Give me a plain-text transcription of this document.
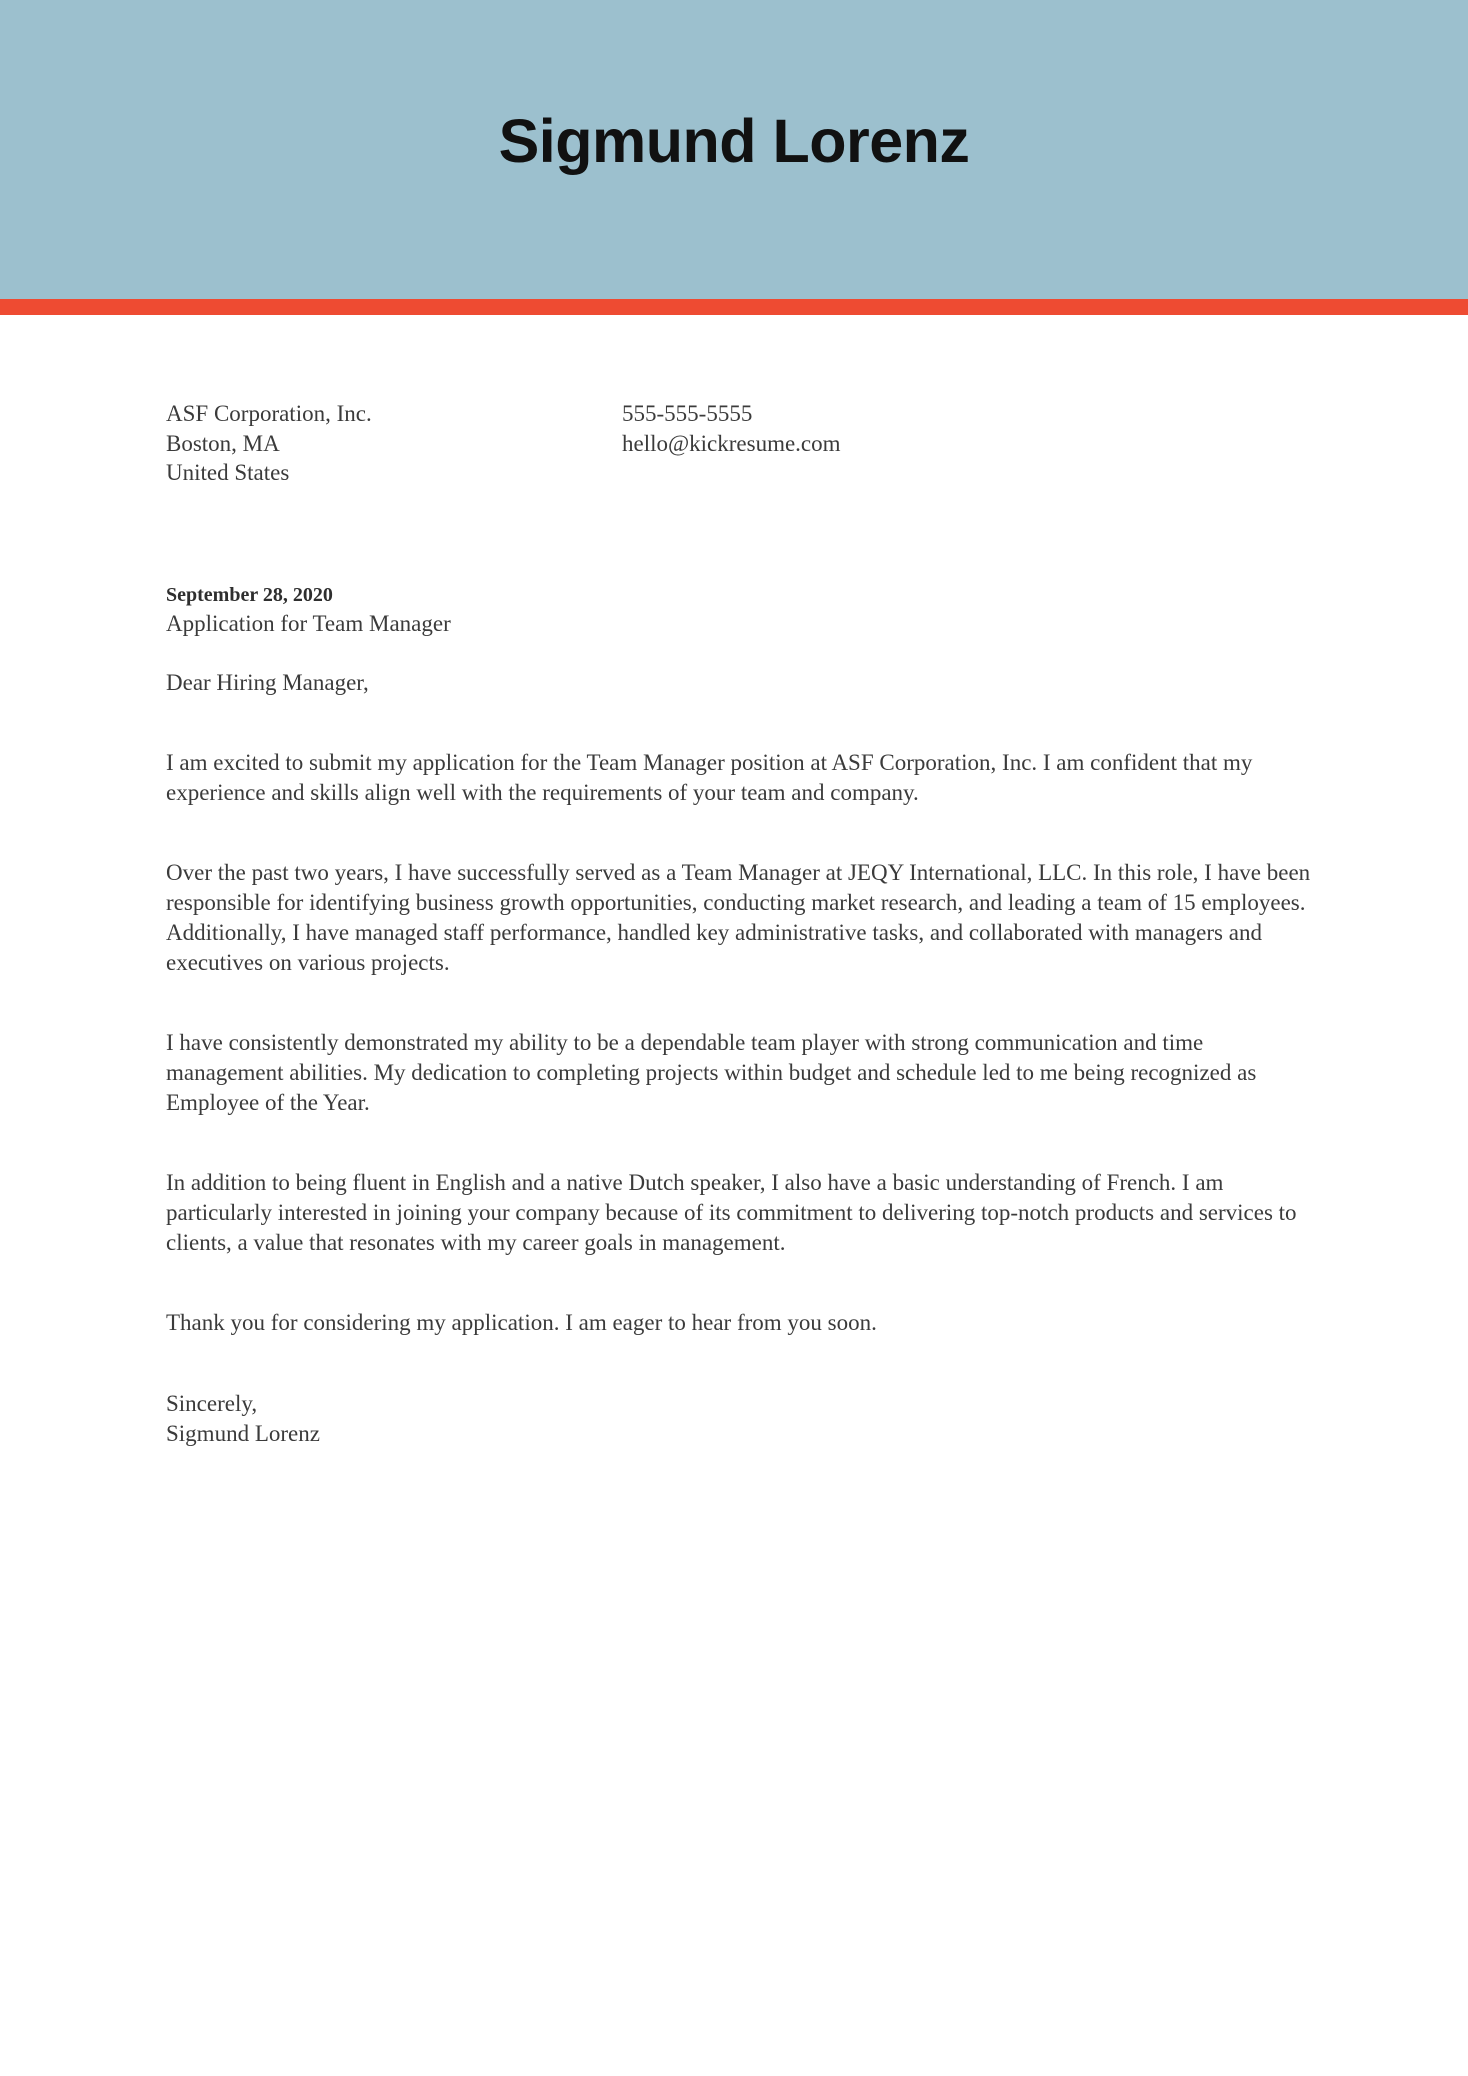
Sigmund Lorenz
ASF Corporation, Inc.
Boston, MA
United States
555-555-5555
hello@kickresume.com
September 28, 2020
Application for Team Manager
Dear Hiring Manager,

I am excited to submit my application for the Team Manager position at ASF Corporation, Inc. I am confident that my experience and skills align well with the requirements of your team and company.

Over the past two years, I have successfully served as a Team Manager at JEQY International, LLC. In this role, I have been responsible for identifying business growth opportunities, conducting market research, and leading a team of 15 employees. Additionally, I have managed staff performance, handled key administrative tasks, and collaborated with managers and executives on various projects.

I have consistently demonstrated my ability to be a dependable team player with strong communication and time management abilities. My dedication to completing projects within budget and schedule led to me being recognized as Employee of the Year.

In addition to being fluent in English and a native Dutch speaker, I also have a basic understanding of French. I am particularly interested in joining your company because of its commitment to delivering top-notch products and services to clients, a value that resonates with my career goals in management.

Thank you for considering my application. I am eager to hear from you soon.

Sincerely,
Sigmund Lorenz
